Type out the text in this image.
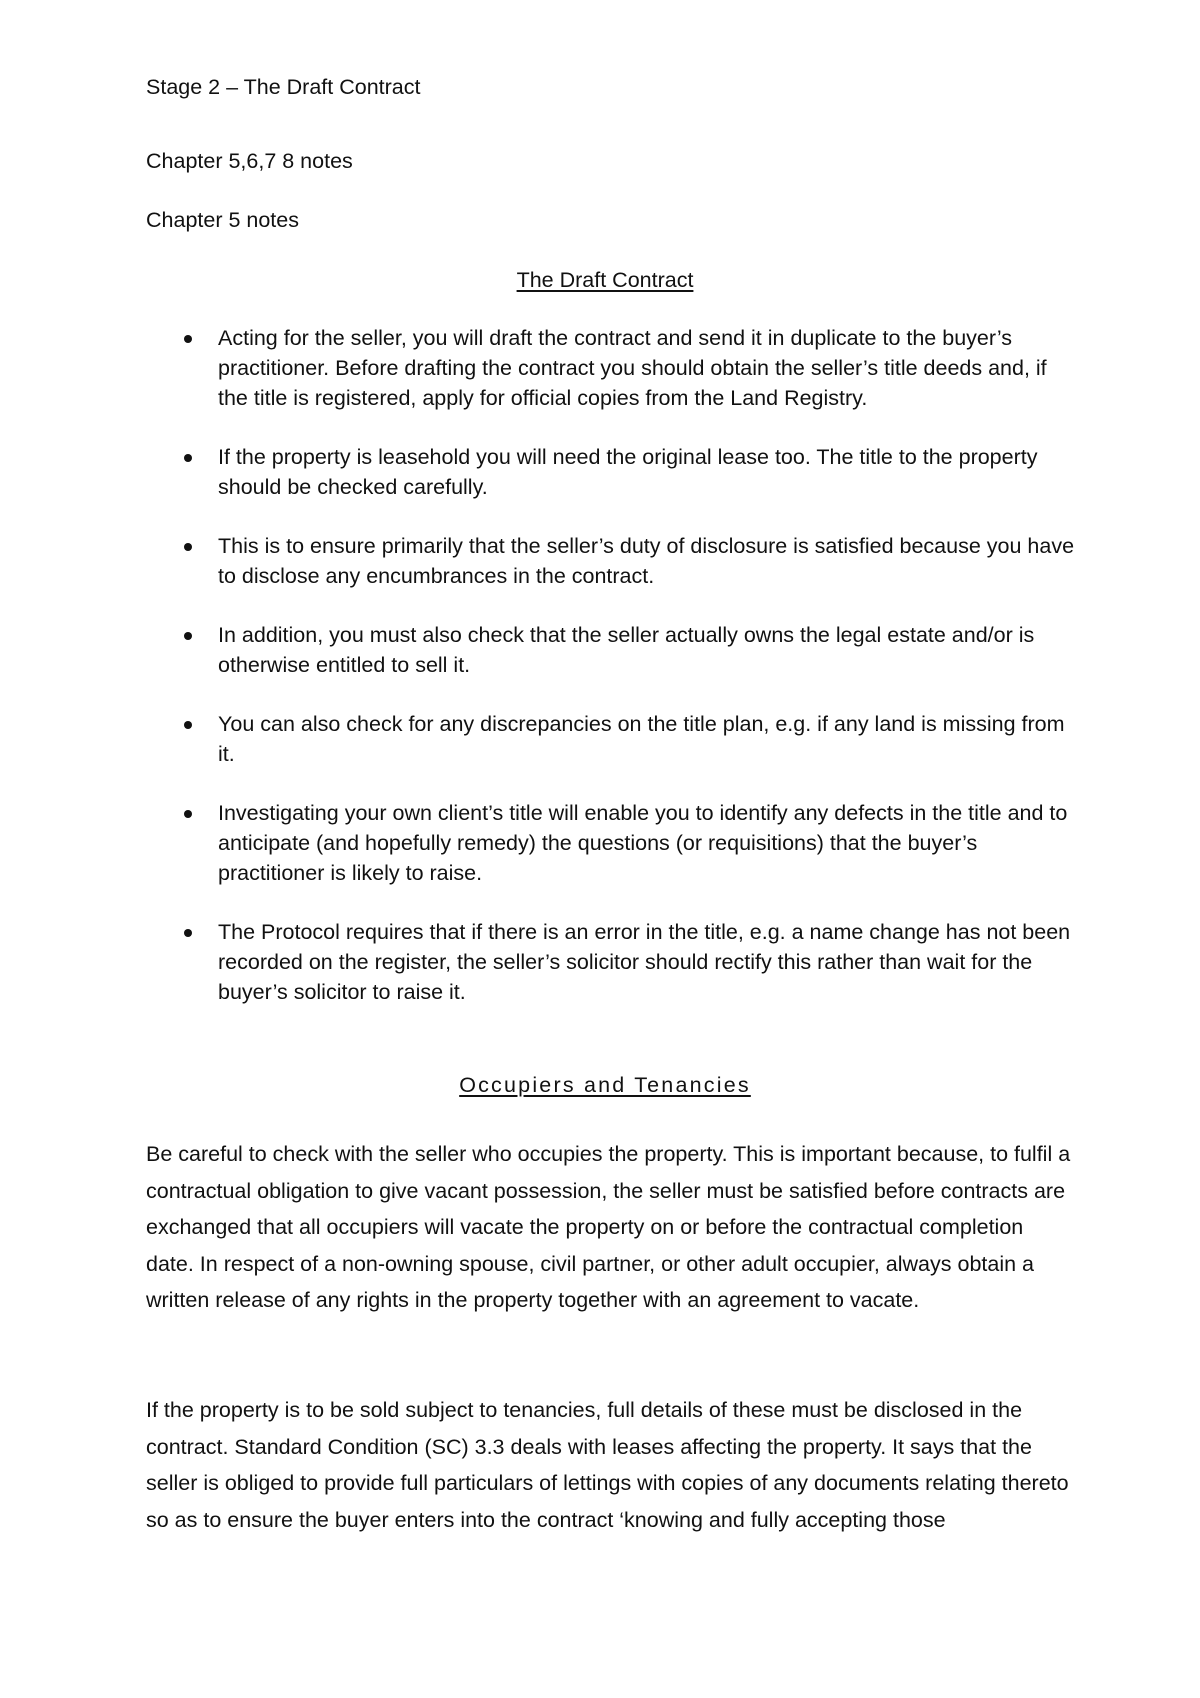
Stage 2 – The Draft Contract
Chapter 5,6,7 8 notes
Chapter 5 notes
The Draft Contract
Acting for the seller, you will draft the contract and send it in duplicate to the buyer’s practitioner. Before drafting the contract you should obtain the seller’s title deeds and, if the title is registered, apply for official copies from the Land Registry.
If the property is leasehold you will need the original lease too. The title to the property should be checked carefully.
This is to ensure primarily that the seller’s duty of disclosure is satisfied because you have to disclose any encumbrances in the contract.
In addition, you must also check that the seller actually owns the legal estate and/or is otherwise entitled to sell it.
You can also check for any discrepancies on the title plan, e.g. if any land is missing from it.
Investigating your own client’s title will enable you to identify any defects in the title and to anticipate (and hopefully remedy) the questions (or requisitions) that the buyer’s practitioner is likely to raise.
The Protocol requires that if there is an error in the title, e.g. a name change has not been recorded on the register, the seller’s solicitor should rectify this rather than wait for the buyer’s solicitor to raise it.
Occupiers and Tenancies

Be careful to check with the seller who occupies the property. This is important because, to fulfil a contractual obligation to give vacant possession, the seller must be satisfied before contracts are exchanged that all occupiers will vacate the property on or before the contractual completion date. In respect of a non-owning spouse, civil partner, or other adult occupier, always obtain a written release of any rights in the property together with an agreement to vacate.

If the property is to be sold subject to tenancies, full details of these must be disclosed in the contract. Standard Condition (SC) 3.3 deals with leases affecting the property. It says that the seller is obliged to provide full particulars of lettings with copies of any documents relating thereto so as to ensure the buyer enters into the contract ‘knowing and fully accepting those
